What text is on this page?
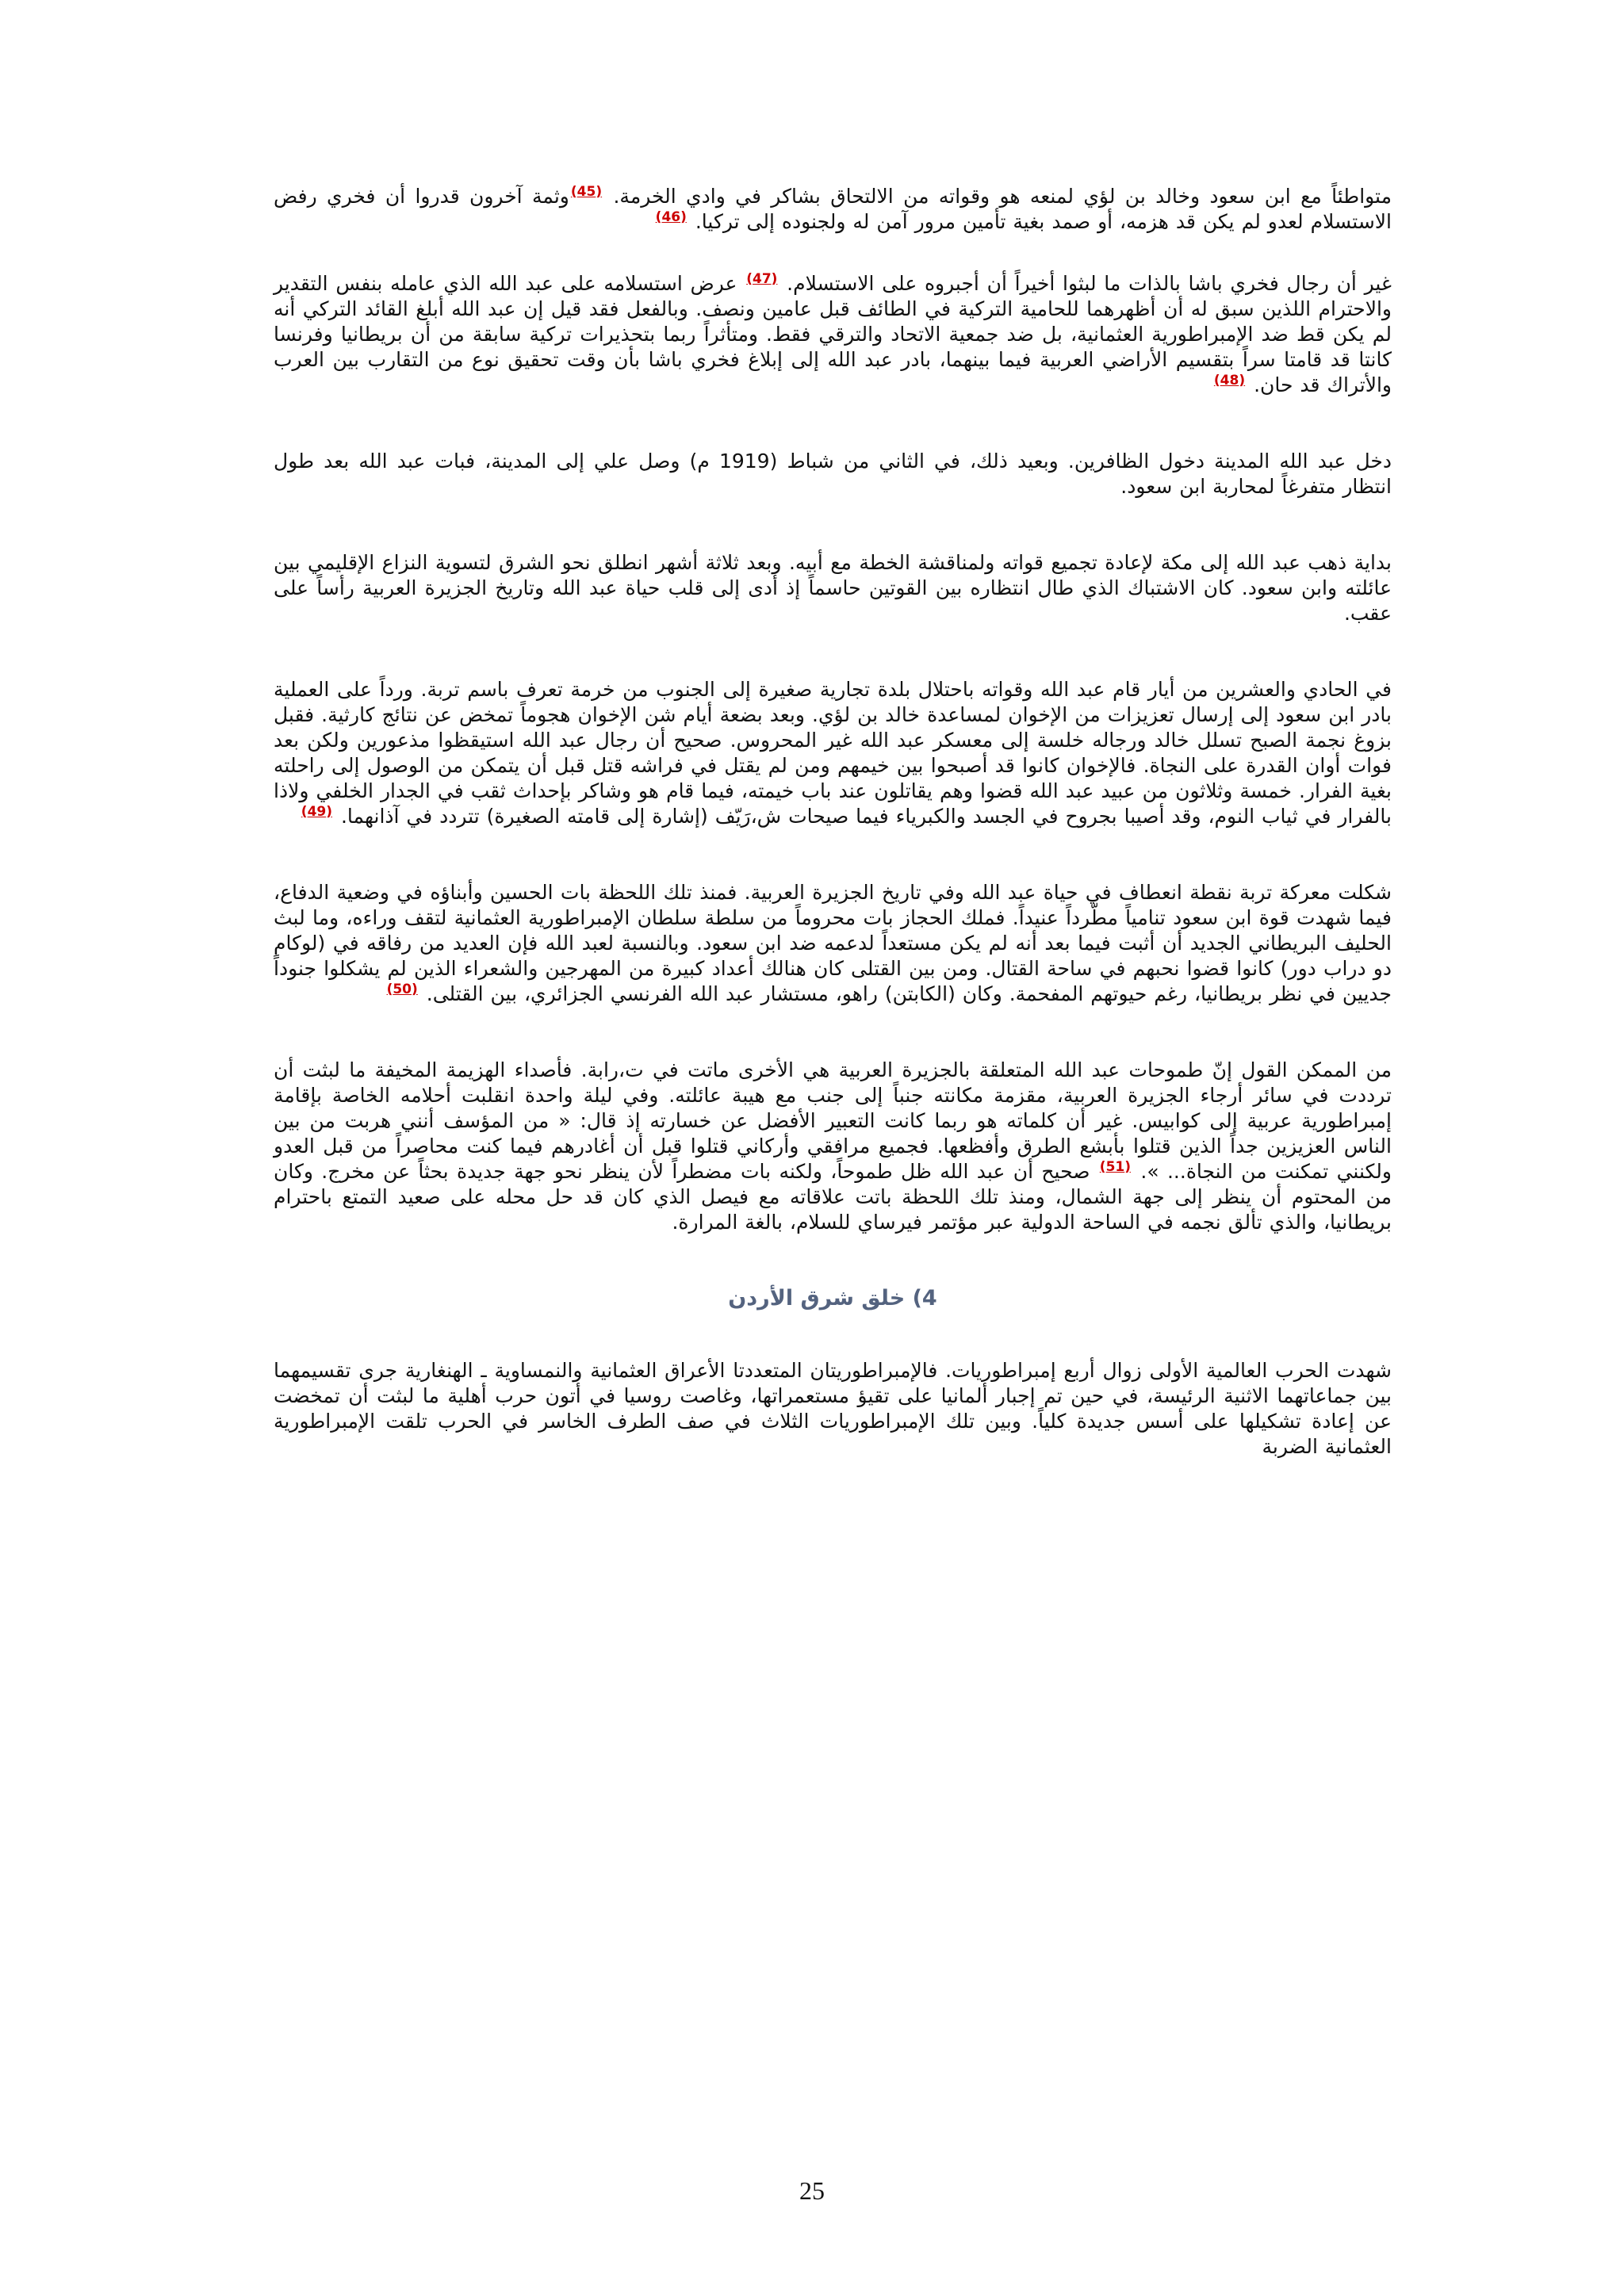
متواطئاً مع ابن سعود وخالد بن لؤي لمنعه هو وقواته من الالتحاق بشاكر في وادي الخرمة. $^{(45)}$وثمة آخرون قدروا أن فخري رفض الاستسلام لعدو لم يكن قد هزمه، أو صمد بغية تأمين مرور آمن له ولجنوده إلى تركيا. $^{(46)}$

غير أن رجال فخري باشا بالذات ما لبثوا أخيراً أن أجبروه على الاستسلام. $^{(47)}$ عرض استسلامه على عبد الله الذي عامله بنفس التقدير والاحترام اللذين سبق له أن أظهرهما للحامية التركية في الطائف قبل عامين ونصف. وبالفعل فقد قيل إن عبد الله أبلغ القائد التركي أنه لم يكن قط ضد الإمبراطورية العثمانية، بل ضد جمعية الاتحاد والترقي فقط. ومتأثراً ربما بتحذيرات تركية سابقة من أن بريطانيا وفرنسا كانتا قد قامتا سراً بتقسيم الأراضي العربية فيما بينهما، بادر عبد الله إلى إبلاغ فخري باشا بأن وقت تحقيق نوع من التقارب بين العرب والأتراك قد حان. $^{(48)}$

دخل عبد الله المدينة دخول الظافرين. وبعيد ذلك، في الثاني من شباط (1919 م) وصل علي إلى المدينة، فبات عبد الله بعد طول انتظار متفرغاً لمحاربة ابن سعود.

بداية ذهب عبد الله إلى مكة لإعادة تجميع قواته ولمناقشة الخطة مع أبيه. وبعد ثلاثة أشهر انطلق نحو الشرق لتسوية النزاع الإقليمي بين عائلته وابن سعود. كان الاشتباك الذي طال انتظاره بين القوتين حاسماً إذ أدى إلى قلب حياة عبد الله وتاريخ الجزيرة العربية رأساً على عقب.

في الحادي والعشرين من أيار قام عبد الله وقواته باحتلال بلدة تجارية صغيرة إلى الجنوب من خرمة تعرف باسم تربة. ورداً على العملية بادر ابن سعود إلى إرسال تعزيزات من الإخوان لمساعدة خالد بن لؤي. وبعد بضعة أيام شن الإخوان هجوماً تمخض عن نتائج كارثية. فقبل بزوغ نجمة الصبح تسلل خالد ورجاله خلسة إلى معسكر عبد الله غير المحروس. صحيح أن رجال عبد الله استيقظوا مذعورين ولكن بعد فوات أوان القدرة على النجاة. فالإخوان كانوا قد أصبحوا بين خيمهم ومن لم يقتل في فراشه قتل قبل أن يتمكن من الوصول إلى راحلته بغية الفرار. خمسة وثلاثون من عبيد عبد الله قضوا وهم يقاتلون عند باب خيمته، فيما قام هو وشاكر بإحداث ثقب في الجدار الخلفي ولاذا بالفرار في ثياب النوم، وقد أصيبا بجروح في الجسد والكبرياء فيما صيحات ش،رَيّف (إشارة إلى قامته الصغيرة) تتردد في آذانهما. $^{(49)}$

شكلت معركة تربة نقطة انعطاف في حياة عبد الله وفي تاريخ الجزيرة العربية. فمنذ تلك اللحظة بات الحسين وأبناؤه في وضعية الدفاع، فيما شهدت قوة ابن سعود تنامياً مطّرداً عنيداً. فملك الحجاز بات محروماً من سلطة سلطان الإمبراطورية العثمانية لتقف وراءه، وما لبث الحليف البريطاني الجديد أن أثبت فيما بعد أنه لم يكن مستعداً لدعمه ضد ابن سعود. وبالنسبة لعبد الله فإن العديد من رفاقه في (لوكام دو دراب دور) كانوا قضوا نحبهم في ساحة القتال. ومن بين القتلى كان هنالك أعداد كبيرة من المهرجين والشعراء الذين لم يشكلوا جنوداً جديين في نظر بريطانيا، رغم حيوتهم المفحمة. وكان (الكابتن) راهو، مستشار عبد الله الفرنسي الجزائري، بين القتلى. $^{(50)}$

من الممكن القول إنّ طموحات عبد الله المتعلقة بالجزيرة العربية هي الأخرى ماتت في ت،رابة. فأصداء الهزيمة المخيفة ما لبثت أن ترددت في سائر أرجاء الجزيرة العربية، مقزمة مكانته جنباً إلى جنب مع هيبة عائلته. وفي ليلة واحدة انقلبت أحلامه الخاصة بإقامة إمبراطورية عربية إلى كوابيس. غير أن كلماته هو ربما كانت التعبير الأفضل عن خسارته إذ قال: « من المؤسف أنني هربت من بين الناس العزيزين جداً الذين قتلوا بأبشع الطرق وأفظعها. فجميع مرافقي وأركاني قتلوا قبل أن أغادرهم فيما كنت محاصراً من قبل العدو ولكنني تمكنت من النجاة... ». $^{(51)}$ صحيح أن عبد الله ظل طموحاً، ولكنه بات مضطراً لأن ينظر نحو جهة جديدة بحثاً عن مخرج. وكان من المحتوم أن ينظر إلى جهة الشمال، ومنذ تلك اللحظة باتت علاقاته مع فيصل الذي كان قد حل محله على صعيد التمتع باحترام بريطانيا، والذي تألق نجمه في الساحة الدولية عبر مؤتمر فيرساي للسلام، بالغة المرارة.

4) خلق شرق الأردن

شهدت الحرب العالمية الأولى زوال أربع إمبراطوريات. فالإمبراطوريتان المتعددتا الأعراق العثمانية والنمساوية ـ الهنغارية جرى تقسيمهما بين جماعاتهما الاثنية الرئيسة، في حين تم إجبار ألمانيا على تقيؤ مستعمراتها، وغاصت روسيا في أتون حرب أهلية ما لبثت أن تمخضت عن إعادة تشكيلها على أسس جديدة كلياً. وبين تلك الإمبراطوريات الثلاث في صف الطرف الخاسر في الحرب تلقت الإمبراطورية العثمانية الضربة

25
